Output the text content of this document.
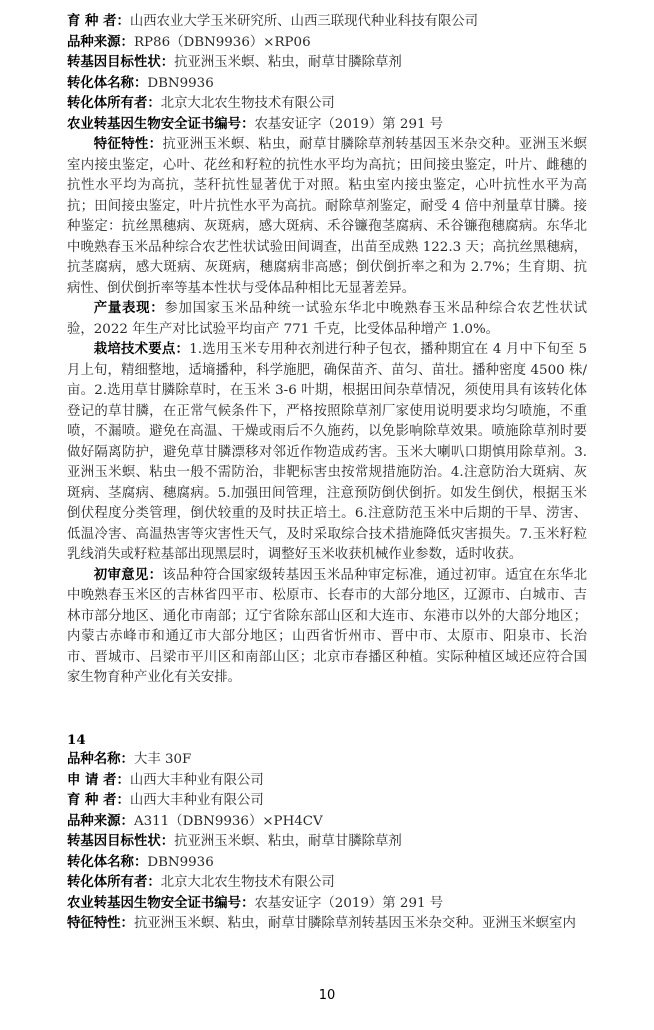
育 种 者：山西农业大学玉米研究所、山西三联现代种业科技有限公司

品种来源：RP86（DBN9936）×RP06

转基因目标性状：抗亚洲玉米螟、粘虫，耐草甘膦除草剂

转化体名称：DBN9936

转化体所有者：北京大北农生物技术有限公司

农业转基因生物安全证书编号：农基安证字（2019）第 291 号

特征特性：抗亚洲玉米螟、粘虫，耐草甘膦除草剂转基因玉米杂交种。亚洲玉米螟室内接虫鉴定，心叶、花丝和籽粒的抗性水平均为高抗；田间接虫鉴定，叶片、雌穗的抗性水平均为高抗，茎秆抗性显著优于对照。粘虫室内接虫鉴定，心叶抗性水平为高抗；田间接虫鉴定，叶片抗性水平为高抗。耐除草剂鉴定，耐受 4 倍中剂量草甘膦。接种鉴定：抗丝黑穗病、灰斑病，感大斑病、禾谷镰孢茎腐病、禾谷镰孢穗腐病。东华北中晚熟春玉米品种综合农艺性状试验田间调查，出苗至成熟 122.3 天；高抗丝黑穗病，抗茎腐病，感大斑病、灰斑病，穗腐病非高感；倒伏倒折率之和为 2.7%；生育期、抗病性、倒伏倒折率等基本性状与受体品种相比无显著差异。

产量表现：参加国家玉米品种统一试验东华北中晚熟春玉米品种综合农艺性状试验，2022 年生产对比试验平均亩产 771 千克，比受体品种增产 1.0%。

栽培技术要点：1.选用玉米专用种衣剂进行种子包衣，播种期宜在 4 月中下旬至 5 月上旬，精细整地，适墒播种，科学施肥，确保苗齐、苗匀、苗壮。播种密度 4500 株/亩。2.选用草甘膦除草时，在玉米 3-6 叶期，根据田间杂草情况，须使用具有该转化体登记的草甘膦，在正常气候条件下，严格按照除草剂厂家使用说明要求均匀喷施，不重喷，不漏喷。避免在高温、干燥或雨后不久施药，以免影响除草效果。喷施除草剂时要做好隔离防护，避免草甘膦漂移对邻近作物造成药害。玉米大喇叭口期慎用除草剂。3.亚洲玉米螟、粘虫一般不需防治，非靶标害虫按常规措施防治。4.注意防治大斑病、灰斑病、茎腐病、穗腐病。5.加强田间管理，注意预防倒伏倒折。如发生倒伏，根据玉米倒伏程度分类管理，倒伏较重的及时扶正培土。6.注意防范玉米中后期的干旱、涝害、低温冷害、高温热害等灾害性天气，及时采取综合技术措施降低灾害损失。7.玉米籽粒乳线消失或籽粒基部出现黑层时，调整好玉米收获机械作业参数，适时收获。

初审意见：该品种符合国家级转基因玉米品种审定标准，通过初审。适宜在东华北中晚熟春玉米区的吉林省四平市、松原市、长春市的大部分地区，辽源市、白城市、吉林市部分地区、通化市南部；辽宁省除东部山区和大连市、东港市以外的大部分地区；内蒙古赤峰市和通辽市大部分地区；山西省忻州市、晋中市、太原市、阳泉市、长治市、晋城市、吕梁市平川区和南部山区；北京市春播区种植。实际种植区域还应符合国家生物育种产业化有关安排。

14

品种名称：大丰 30F

申 请 者：山西大丰种业有限公司

育 种 者：山西大丰种业有限公司

品种来源：A311（DBN9936）×PH4CV

转基因目标性状：抗亚洲玉米螟、粘虫，耐草甘膦除草剂

转化体名称：DBN9936

转化体所有者：北京大北农生物技术有限公司

农业转基因生物安全证书编号：农基安证字（2019）第 291 号

特征特性：抗亚洲玉米螟、粘虫，耐草甘膦除草剂转基因玉米杂交种。亚洲玉米螟室内

10
